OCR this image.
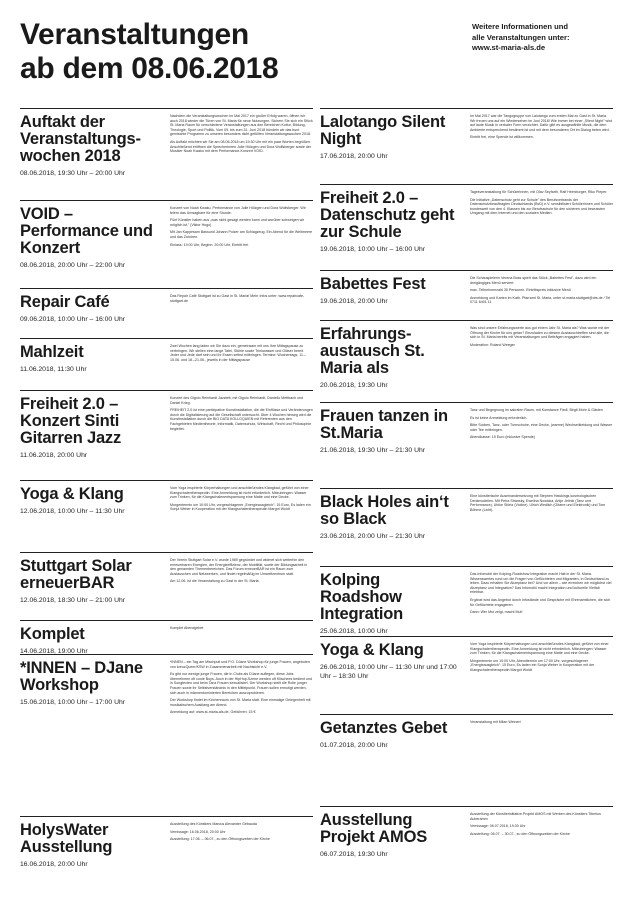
Veranstaltungen
ab dem 08.06.2018
Weitere Informationen und
alle Veranstaltungen unter:
www.st-maria-als.de
Auftakt der Veranstaltungs-wochen 2018
08.06.2018, 19:30 Uhr – 20:00 Uhr

Nachdem die Veranstaltungswochen im Mai 2017 ein großer Erfolg waren, öffnen wir auch 2018 wieder die Türen von St. Maria für neue Nutzungen. Sichern Sie sich ein Stück St. Maria Raum für verschiedene Veranstaltungen aus den Bereichen Kultur, Bildung, Theologie, Sport und Politik. Vom 09. bis zum 31. Juni 2018 bündeln wir das bunt gemischte Programm zu unseren besonders dicht gefüllten Veranstaltungswochen 2018.

Als Auftakt möchten wir Sie am 08.06.2018 um 19:30 Uhr mit ein paar Worten begrüßen. Anschließend eröffnen die Sprecherinnen Julie Hölzgen und Dora Wolfsberger sowie der Musiker Noah Kwaku mit dem Performance-Konzert VOID.

VOID – Performance und Konzert
08.06.2018, 20:00 Uhr – 22:00 Uhr

Konzert von Noah Kwaku, Performance von Julie Hölzgen und Dora Wolfsberger. Wir feiern das Umsagbare für eine Stunde.

Fünf Künstler haben aus „was nicht gesagt werden kann und worüber schweigen wir möglich ist." (Viktor Hugo)

Mit Jan Kappesam Bassund Johann Polzer am Schlagzeug. Ein Abend für die Weltmeere und das Zuhören.

Einlass: 19:00 Uhr, Beginn: 20:00 Uhr, Eintritt frei.

Repair Café
09.06.2018, 10:00 Uhr – 16:00 Uhr

Das Repair Café Stuttgart ist zu Gast in St. Maria! Mehr Infos unter: www.repaircafe-stuttgart.de

Mahlzeit
11.06.2018, 11:30 Uhr

Zwei Wochen lang laden wir Sie dazu ein, gemeinsam mit uns Ihre Mittagspause zu verbringen. Wir stellen eine lange Tafel, Stühle sowie Trinkwasser und Gläser bereit. Jeder und Jede darf sein und ihr Essen selbst mitbringen. Termine: Wochentags, 11.–15.06. und 18.–21.06., jeweils in der Mittagspause

Freiheit 2.0 – Konzert Sinti Gitarren Jazz
11.06.2018, 20:00 Uhr

Konzert des Gigolo Reinhardt Jazztett; mit Gigolo Reinhardt, Daniello Mettbach und Daniel Krieg.

FREIHEIT 2.0 ist eine partizipative Kunstinstallation, die die Einflüsse und Veränderungen durch die Digitalisierung auf die Gesellschaft untersucht. Über 4 Wochen hinweg wird die Kunstinstallation durch die BIG DATA KOLLOQUIEN mit Referenten aus den Fachgebieten Medientheorie, Informatik, Datenschutz, Wirtschaft, Recht und Philosophie begleitet.

Yoga & Klang
12.06.2018, 10:00 Uhr – 11:30 Uhr

Vom Yoga inspirierte Körperhaltungen und anschließendes Klangbad, geführt von einer Klangschalentherapeutin. Eine Anmeldung ist nicht erforderlich. Mitzubringen: Wasser zum Trinken, für die Klangschalenentspannung eine Matte und eine Decke.

Morgentermin um 10:00 Uhr, vorgeschlagener „Energieausgleich": 15 Euro, Es laden ein Sonja Weber in Kooperation mit der Klangschalentherapeutin Margot Woldt

Stuttgart Solar erneuerBAR
12.06.2018, 18:30 Uhr – 21:00 Uhr

Der Verein Stuttgart Solar e.V. wurde 1989 gegründet und widmet sich weiterhin den erneuerbaren Energien, der Energieeffizienz, der Mobilität, sowie der Bildungsarbeit in den genannten Themenbereichen. Das Forum erneuerBAR ist ein Raum zum Austauschen und Netzwerken, und findet regelmäßig im Umweltzentrum statt.

Am 12.06. ist die Veranstaltung zu Gast in der St. Maria.

Komplet
14.06.2018, 19:00 Uhr

Komplet Abendgebet

*INNEN – DJane Workshop
15.06.2018, 10:00 Uhr – 17:00 Uhr

*INNEN – ein Tag am Mischpult und P.O. DJane Workshop für junge Frauen, angeboten von kreuzQueer/KSW in Zusammenarbeit mit Nachtsicht e.V.

Es gibt nur wenige junge Frauen, die in Clubs als DJane auflegen, diese Jobs übernehmen oft coole Boys. Auch in der HipHop-Szene werden oft Klischees bedient und in Songtexten und beim Tanz Frauen sexualisiert. Der Workshop stellt die Rolle junger Frauen sowie ihr Selbstverständnis in den Mittelpunkt. Frauen sollen ermutigt werden, sich auch in männerdominierten Bereichen auszuprobieren.

Der Workshop findet im Kirchenraum von St. Maria statt. Eine einmalige Gelegenheit mit musikalischem Ausklang am Abend.

Anmeldung auf: www.st-maria-als.de, Gebühren: 15 €

HolysWater Ausstellung
16.06.2018, 20:00 Uhr

Ausstellung des Künstlers Marcus Alexander Gebauda

Vernissage: 16.06.2018, 20:00 Uhr

Ausstellung: 17.06. – 06.07., zu den Öffnungszeiten der Kirche

Lalotango Silent Night
17.06.2018, 20:00 Uhr

Im Mai 2017 war die Tangogruppe von Lalotango zum ersten Mal zu Gast in St. Maria. Wir freuen uns auf ein Wiedersehen im Juni 2018! Wie immer bei einer „Silent Night" wird auf laute Musik in verbaler Form verzichtet. Dafür gibt es ausgewählte Musik, die dem Ambiente entsprechend bestimmt ist und mit dem besonderen Ort im Dialog treten wird.

Eintritt frei, eine Spende ist willkommen.

Freiheit 2.0 – Datenschutz geht zur Schule
19.06.2018, 10:00 Uhr – 16:00 Uhr

Tagesveranstaltung für Schülerinnen, mit Olav Seyfarth, Ralf Heimburger, Riko Pieper.

Die Initiative „Datenschutz geht zur Schule" des Berufsverbands der Datenschutzbeauftragten Deutschlands (BvD) e.V. sensibilisiert Schülerinnen und Schüler bundesweit von den 4. Klassen bis zur Berufsschule für den sicheren und bewussten Umgang mit dem Internet und den sozialen Medien.

Babettes Fest
19.06.2018, 20:00 Uhr

Die Schauspielerin Verena Buss spielt das Stück „Babettes Fest", dazu wird ein dreigängiges Menü serviert.

max. Teilnehmerzahl 35 Personen. Eintrittspreis inklusive Menü

Anmeldung und Karten im Kath. Pfarramt St. Maria, unter st.maria.stuttgart@drs.de / Tel 0711 6401 11

Erfahrungs-austausch St. Maria als
20.06.2018, 19:30 Uhr

Was sind unsere Erfahrungswerte aus gut einem Jahr St. Maria als? Was wurde mit der Öffnung der Kirche für uns getan? Einzuladen zu diesem Austauschtreffen sind alle, die sich in St. Maria bereits mit Veranstaltungen und Beiträgen engagiert haben.

Moderation: Roland Weeger

Frauen tanzen in St.Maria
21.06.2018, 19:30 Uhr – 21:30 Uhr

Tanz und Begegnung im sakralen Raum, mit Konstanze Fiedl, Birgit Mohr & Gästen

Es ist keine Anmeldung erforderlich.

Bitte Socken, Tanz- oder Turnschuhe, eine Decke, (warme) Wechselkleidung und Wasser oder Tee mitbringen.

Abendkasse: 15 Euro (inklusive Spende)

Black Holes ain‘t so Black
23.06.2018, 20:00 Uhr – 21:30 Uhr

Eine künstlerische Auseinandersetzung mit Stephen Hawkings kosmologischen Denkmodellen. Mit Petra Stransky, Ewelina Nowicka, Antje Jelinki (Tanz und Performance), Ulrike Störtz (Violine), Ulrich Wedlich (Gitarre und Elektronik) und Tom Böhme (Licht).

Kolping Roadshow Integration
25.06.2018, 10:00 Uhr

Das Infomobil der Kolping-Roadshow Integration macht Halt in der St. Maria. Wissenswertes rund um die Fragen von Geflüchteten und Migranten, in Deutschland zu leben. Dazu erhalten Sie Akzeptanz bei? Und vor allem – wie erreichen wir möglichst viel Akzeptanz und Integration? Das Infomobil macht Integration und kulturelle Vielfalt erlebbar.

Ergänzt wird das Angebot durch Infostände und Gespräche mit Ehrenamtlichen, die sich für Geflüchtete engagieren.

Dann: Wer Mut zeigt, macht Mut!

Yoga & Klang
26.06.2018, 10:00 Uhr – 11:30 Uhr und 17:00 Uhr – 18:30 Uhr

Vom Yoga inspirierte Körperhaltungen und anschließendes Klangbad, geführt von einer Klangschalentherapeutin. Eine Anmeldung ist nicht erforderlich. Mitzubringen: Wasser zum Trinken, für die Klangschalenentspannung eine Matte und eine Decke.

Morgentermin um 10:00 Uhr, Abendtermin um 17:00 Uhr, vorgeschlagener „Energieausgleich": 15 Euro, Es laden ein Sonja Weber in Kooperation mit der Klangschalentherapeutin Margot Woldt

Getanztes Gebet
01.07.2018, 20:00 Uhr

Veranstaltung mit Milan Weinert

Ausstellung Projekt AMOS
06.07.2018, 19:30 Uhr

Ausstellung der Künstlerinitiative Projekt AMOS mit Werken des Künstlers Tiberius Auberamm

Vernissage: 06.07.2018, 19:30 Uhr

Ausstellung: 06.07. – 30.07., zu den Öffnungszeiten der Kirche
